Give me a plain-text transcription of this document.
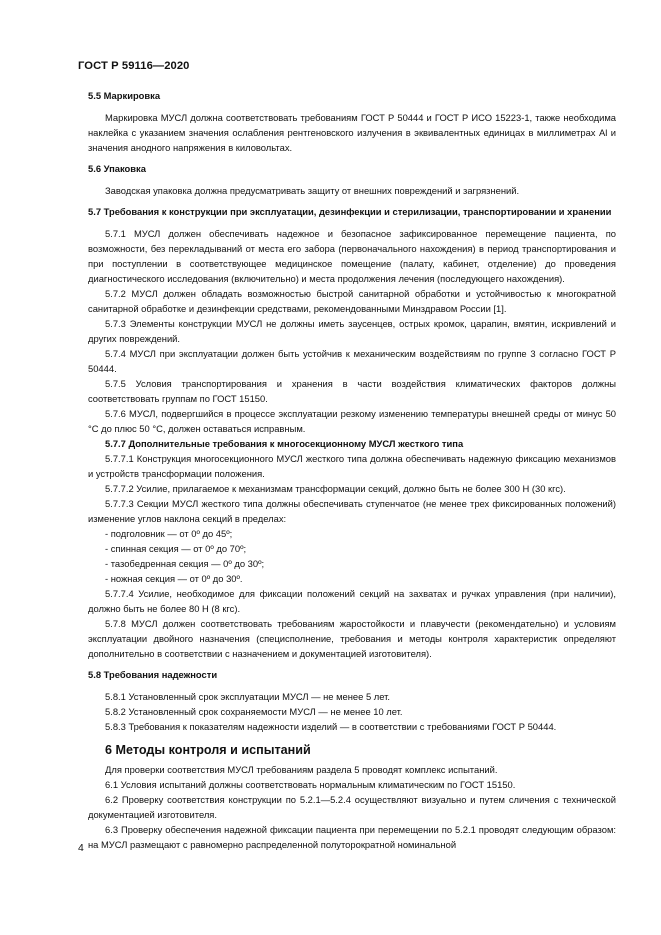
ГОСТ Р 59116—2020

5.5 Маркировка

Маркировка МУСЛ должна соответствовать требованиям ГОСТ Р 50444 и ГОСТ Р ИСО 15223-1, также необходима наклейка с указанием значения ослабления рентгеновского излучения в эквивалентных единицах в миллиметрах Al и значения анодного напряжения в киловольтах.

5.6 Упаковка

Заводская упаковка должна предусматривать защиту от внешних повреждений и загрязнений.

5.7 Требования к конструкции при эксплуатации, дезинфекции и стерилизации, транспортировании и хранении

5.7.1 МУСЛ должен обеспечивать надежное и безопасное зафиксированное перемещение пациента, по возможности, без перекладываний от места его забора (первоначального нахождения) в период транспортирования и при поступлении в соответствующее медицинское помещение (палату, кабинет, отделение) до проведения диагностического исследования (включительно) и места продолжения лечения (последующего нахождения).

5.7.2 МУСЛ должен обладать возможностью быстрой санитарной обработки и устойчивостью к многократной санитарной обработке и дезинфекции средствами, рекомендованными Минздравом России [1].

5.7.3 Элементы конструкции МУСЛ не должны иметь заусенцев, острых кромок, царапин, вмятин, искривлений и других повреждений.

5.7.4 МУСЛ при эксплуатации должен быть устойчив к механическим воздействиям по группе 3 согласно ГОСТ Р 50444.

5.7.5 Условия транспортирования и хранения в части воздействия климатических факторов должны соответствовать группам по ГОСТ 15150.

5.7.6 МУСЛ, подвергшийся в процессе эксплуатации резкому изменению температуры внешней среды от минус 50 °C до плюс 50 °C, должен оставаться исправным.

5.7.7 Дополнительные требования к многосекционному МУСЛ жесткого типа

5.7.7.1 Конструкция многосекционного МУСЛ жесткого типа должна обеспечивать надежную фиксацию механизмов и устройств трансформации положения.

5.7.7.2 Усилие, прилагаемое к механизмам трансформации секций, должно быть не более 300 Н (30 кгс).

5.7.7.3 Секции МУСЛ жесткого типа должны обеспечивать ступенчатое (не менее трех фиксированных положений) изменение углов наклона секций в пределах:

- подголовник — от 0º до 45º;

- спинная секция — от 0º до 70º;

- тазобедренная секция — 0º до 30º;

- ножная секция — от 0º до 30º.

5.7.7.4 Усилие, необходимое для фиксации положений секций на захватах и ручках управления (при наличии), должно быть не более 80 Н (8 кгс).

5.7.8 МУСЛ должен соответствовать требованиям жаростойкости и плавучести (рекомендательно) и условиям эксплуатации двойного назначения (специсполнение, требования и методы контроля характеристик определяют дополнительно в соответствии с назначением и документацией изготовителя).

5.8 Требования надежности

5.8.1 Установленный срок эксплуатации МУСЛ — не менее 5 лет.

5.8.2 Установленный срок сохраняемости МУСЛ — не менее 10 лет.

5.8.3 Требования к показателям надежности изделий — в соответствии с требованиями ГОСТ Р 50444.

6 Методы контроля и испытаний

Для проверки соответствия МУСЛ требованиям раздела 5 проводят комплекс испытаний.

6.1 Условия испытаний должны соответствовать нормальным климатическим по ГОСТ 15150.

6.2 Проверку соответствия конструкции по 5.2.1—5.2.4 осуществляют визуально и путем сличения с технической документацией изготовителя.

6.3 Проверку обеспечения надежной фиксации пациента при перемещении по 5.2.1 проводят следующим образом: на МУСЛ размещают с равномерно распределенной полуторократной номинальной

4
